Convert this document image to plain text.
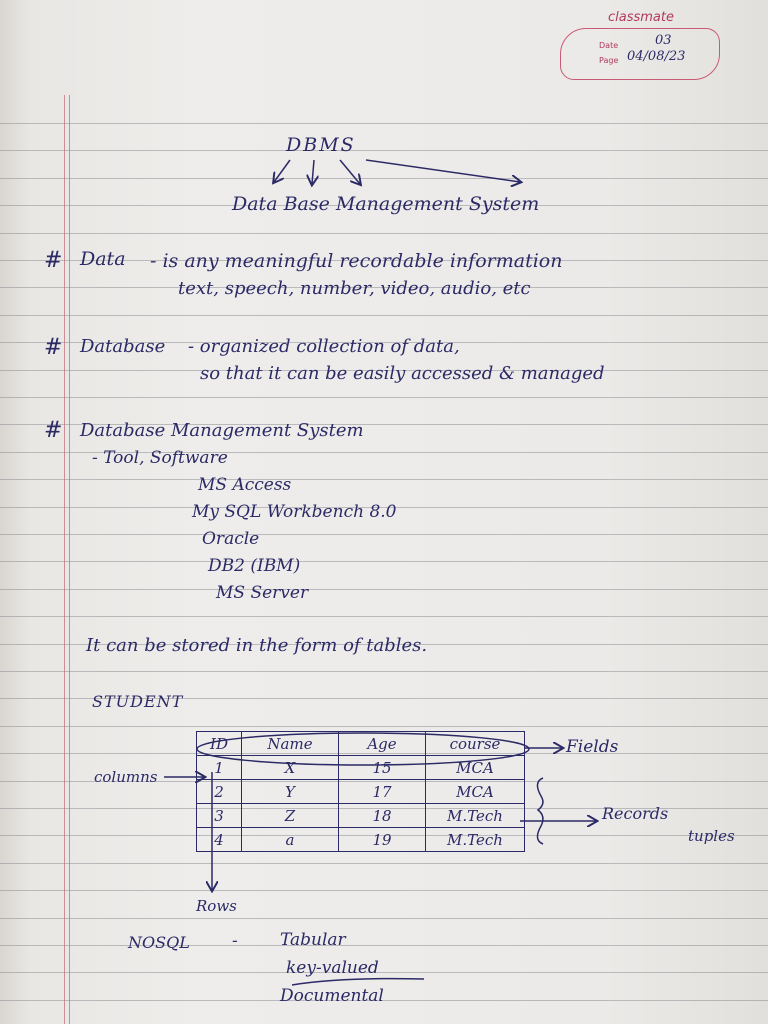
classmate
Date
Page
03
04/08/23
DBMS
Data Base Management System
# Data - is any meaningful recordable information
text, speech, number, video, audio, etc
# Database - organized collection of data,
so that it can be easily accessed & managed
# Database Management System
- Tool, Software
MS Access
My SQL Workbench 8.0
Oracle
DB2 (IBM)
MS Server
It can be stored in the form of tables.
STUDENT
ID	Name	Age	course
1	X	15	MCA
2	Y	17	MCA
3	Z	18	M.Tech
4	a	19	M.Tech
Fields
columns
Records
tuples
Rows
NOSQL - Tabular
key-valued
Documental
